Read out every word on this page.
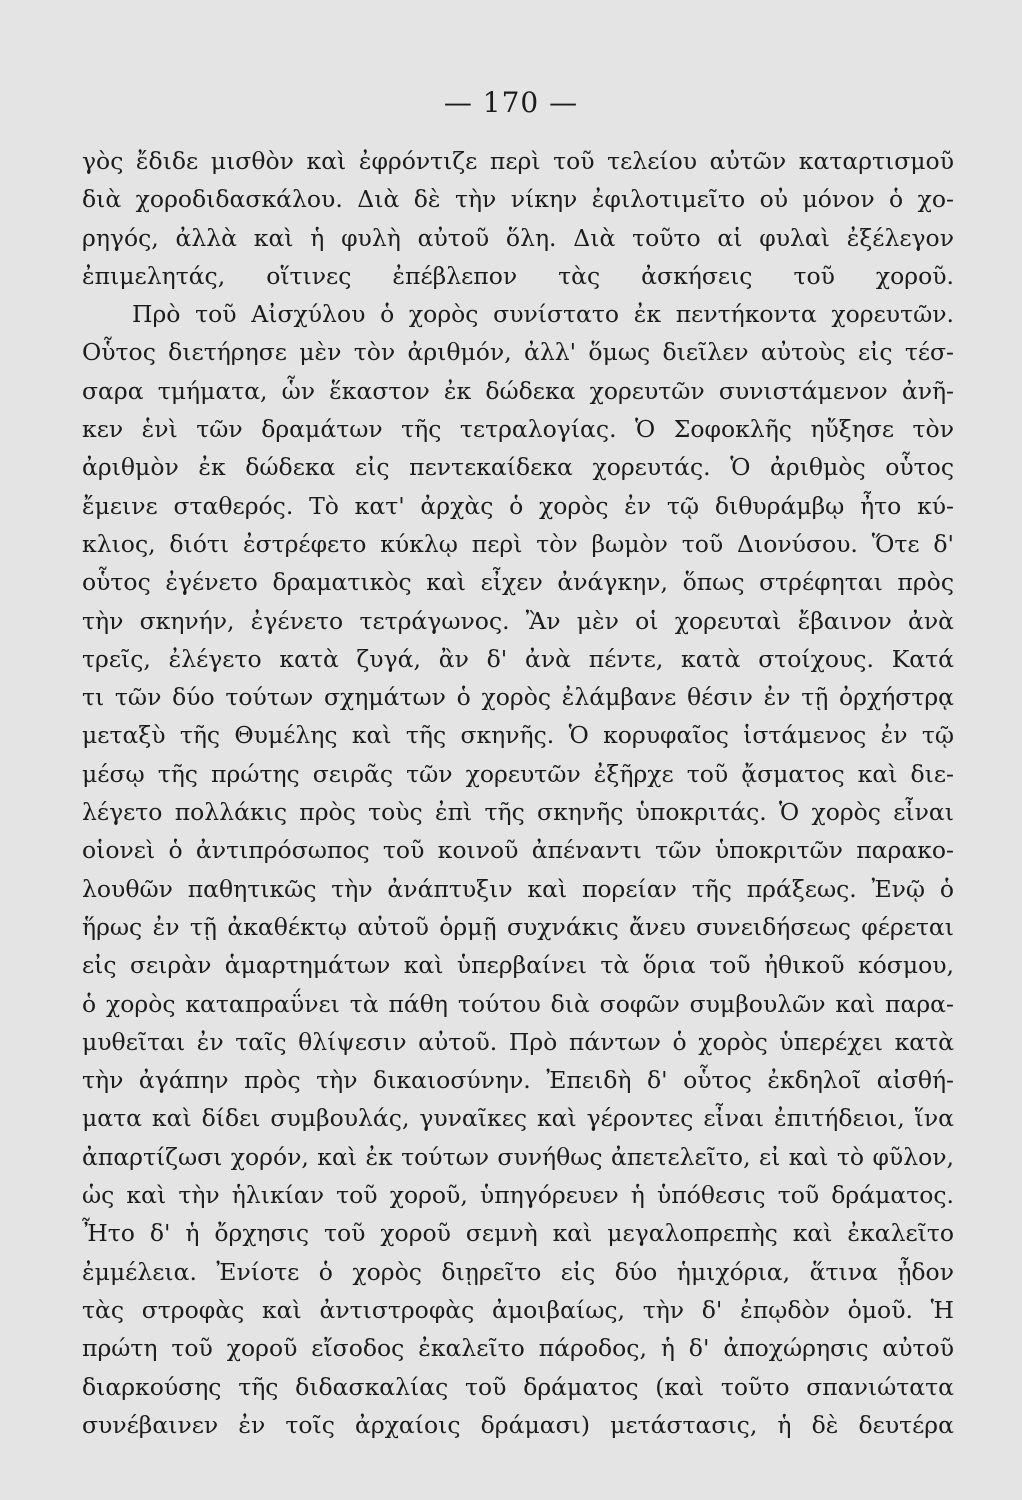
— 170 —
γὸς ἔδιδε μισθὸν καὶ ἐφρόντιζε περὶ τοῦ τελείου αὐτῶν καταρτισμοῦ
διὰ χοροδιδασκάλου. Διὰ δὲ τὴν νίκην ἐφιλοτιμεῖτο οὐ μόνον ὁ χο-
ρηγός, ἀλλὰ καὶ ἡ φυλὴ αὐτοῦ ὅλη. Διὰ τοῦτο αἱ φυλαὶ ἐξέλεγον
ἐπιμελητάς, οἵτινες ἐπέβλεπον τὰς ἀσκήσεις τοῦ χοροῦ.
Πρὸ τοῦ Αἰσχύλου ὁ χορὸς συνίστατο ἐκ πεντήκοντα χορευτῶν.
Οὗτος διετήρησε μὲν τὸν ἀριθμόν, ἀλλ' ὅμως διεῖλεν αὐτοὺς εἰς τέσ-
σαρα τμήματα, ὧν ἕκαστον ἐκ δώδεκα χορευτῶν συνιστάμενον ἀνῆ-
κεν ἑνὶ τῶν δραμάτων τῆς τετραλογίας. Ὁ Σοφοκλῆς ηὔξησε τὸν
ἀριθμὸν ἐκ δώδεκα εἰς πεντεκαίδεκα χορευτάς. Ὁ ἀριθμὸς οὗτος
ἔμεινε σταθερός. Τὸ κατ' ἀρχὰς ὁ χορὸς ἐν τῷ διθυράμβῳ ἦτο κύ-
κλιος, διότι ἐστρέφετο κύκλῳ περὶ τὸν βωμὸν τοῦ Διονύσου. Ὅτε δ'
οὗτος ἐγένετο δραματικὸς καὶ εἶχεν ἀνάγκην, ὅπως στρέφηται πρὸς
τὴν σκηνήν, ἐγένετο τετράγωνος. Ἂν μὲν οἱ χορευταὶ ἔβαινον ἀνὰ
τρεῖς, ἐλέγετο κατὰ ζυγά, ἂν δ' ἀνὰ πέντε, κατὰ στοίχους. Κατά
τι τῶν δύο τούτων σχημάτων ὁ χορὸς ἐλάμβανε θέσιν ἐν τῇ ὀρχήστρᾳ
μεταξὺ τῆς Θυμέλης καὶ τῆς σκηνῆς. Ὁ κορυφαῖος ἱστάμενος ἐν τῷ
μέσῳ τῆς πρώτης σειρᾶς τῶν χορευτῶν ἐξῆρχε τοῦ ᾄσματος καὶ διε-
λέγετο πολλάκις πρὸς τοὺς ἐπὶ τῆς σκηνῆς ὑποκριτάς. Ὁ χορὸς εἶναι
οἱονεὶ ὁ ἀντιπρόσωπος τοῦ κοινοῦ ἀπέναντι τῶν ὑποκριτῶν παρακο-
λουθῶν παθητικῶς τὴν ἀνάπτυξιν καὶ πορείαν τῆς πράξεως. Ἐνῷ ὁ
ἥρως ἐν τῇ ἀκαθέκτῳ αὐτοῦ ὁρμῇ συχνάκις ἄνευ συνειδήσεως φέρεται
εἰς σειρὰν ἁμαρτημάτων καὶ ὑπερβαίνει τὰ ὅρια τοῦ ἠθικοῦ κόσμου,
ὁ χορὸς καταπραΰνει τὰ πάθη τούτου διὰ σοφῶν συμβουλῶν καὶ παρα-
μυθεῖται ἐν ταῖς θλίψεσιν αὐτοῦ. Πρὸ πάντων ὁ χορὸς ὑπερέχει κατὰ
τὴν ἀγάπην πρὸς τὴν δικαιοσύνην. Ἐπειδὴ δ' οὗτος ἐκδηλοῖ αἰσθή-
ματα καὶ δίδει συμβουλάς, γυναῖκες καὶ γέροντες εἶναι ἐπιτήδειοι, ἵνα
ἀπαρτίζωσι χορόν, καὶ ἐκ τούτων συνήθως ἀπετελεῖτο, εἰ καὶ τὸ φῦλον,
ὡς καὶ τὴν ἡλικίαν τοῦ χοροῦ, ὑπηγόρευεν ἡ ὑπόθεσις τοῦ δράματος.
Ἦτο δ' ἡ ὄρχησις τοῦ χοροῦ σεμνὴ καὶ μεγαλοπρεπὴς καὶ ἐκαλεῖτο
ἐμμέλεια. Ἐνίοτε ὁ χορὸς διῃρεῖτο εἰς δύο ἡμιχόρια, ἅτινα ᾖδον
τὰς στροφὰς καὶ ἀντιστροφὰς ἀμοιβαίως, τὴν δ' ἐπῳδὸν ὁμοῦ. Ἡ
πρώτη τοῦ χοροῦ εἴσοδος ἐκαλεῖτο πάροδος, ἡ δ' ἀποχώρησις αὐτοῦ
διαρκούσης τῆς διδασκαλίας τοῦ δράματος (καὶ τοῦτο σπανιώτατα
συνέβαινεν ἐν τοῖς ἀρχαίοις δράμασι) μετάστασις, ἡ δὲ δευτέρα
